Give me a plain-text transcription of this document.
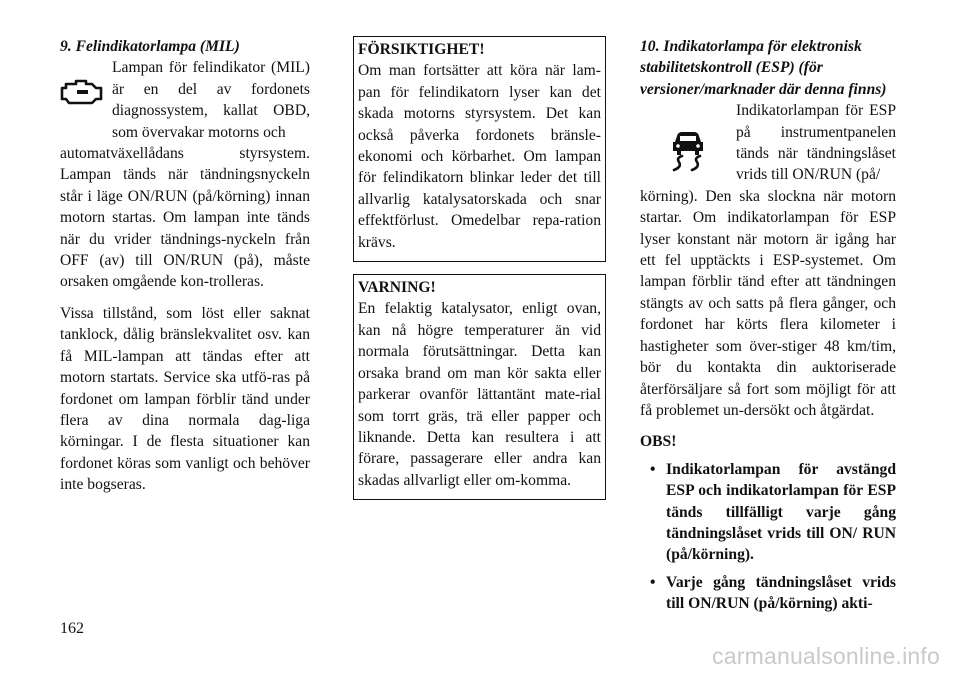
9. Felindikatorlampa (MIL)

Lampan för felindikator (MIL) är en del av fordonets diagnossystem, kallat OBD, som övervakar motorns och

automatväxellådans styrsystem. Lampan tänds när tändningsnyckeln står i läge ON/RUN (på/körning) innan motorn startas. Om lampan inte tänds när du vrider tändnings-nyckeln från OFF (av) till ON/RUN (på), måste orsaken omgående kon-trolleras.

Vissa tillstånd, som löst eller saknat tanklock, dålig bränslekvalitet osv. kan få MIL-lampan att tändas efter att motorn startats. Service ska utfö-ras på fordonet om lampan förblir tänd under flera av dina normala dag-liga körningar. I de flesta situationer kan fordonet köras som vanligt och behöver inte bogseras.

FÖRSIKTIGHET!

Om man fortsätter att köra när lam-pan för felindikatorn lyser kan det skada motorns styrsystem. Det kan också påverka fordonets bränsle-ekonomi och körbarhet. Om lampan för felindikatorn blinkar leder det till allvarlig katalysatorskada och snar effektförlust. Omedelbar repa-ration krävs.

VARNING!

En felaktig katalysator, enligt ovan, kan nå högre temperaturer än vid normala förutsättningar. Detta kan orsaka brand om man kör sakta eller parkerar ovanför lättantänt mate-rial som torrt gräs, trä eller papper och liknande. Detta kan resultera i att förare, passagerare eller andra kan skadas allvarligt eller om-komma.

10. Indikatorlampa för elektronisk stabilitetskontroll (ESP) (för versioner/marknader där denna finns)

Indikatorlampan för ESP på instrumentpanelen tänds när tändningslåset vrids till ON/RUN (på/

körning). Den ska slockna när motorn startar. Om indikatorlampan för ESP lyser konstant när motorn är igång har ett fel upptäckts i ESP-systemet. Om lampan förblir tänd efter att tändningen stängts av och satts på flera gånger, och fordonet har körts flera kilometer i hastigheter som över-stiger 48 km/tim, bör du kontakta din auktoriserade återförsäljare så fort som möjligt för att få problemet un-dersökt och åtgärdat.

OBS!

• Indikatorlampan för avstängd ESP och indikatorlampan för ESP tänds tillfälligt varje gång tändningslåset vrids till ON/ RUN (på/körning).
• Varje gång tändningslåset vrids till ON/RUN (på/körning) akti-
162
carmanualsonline.info
